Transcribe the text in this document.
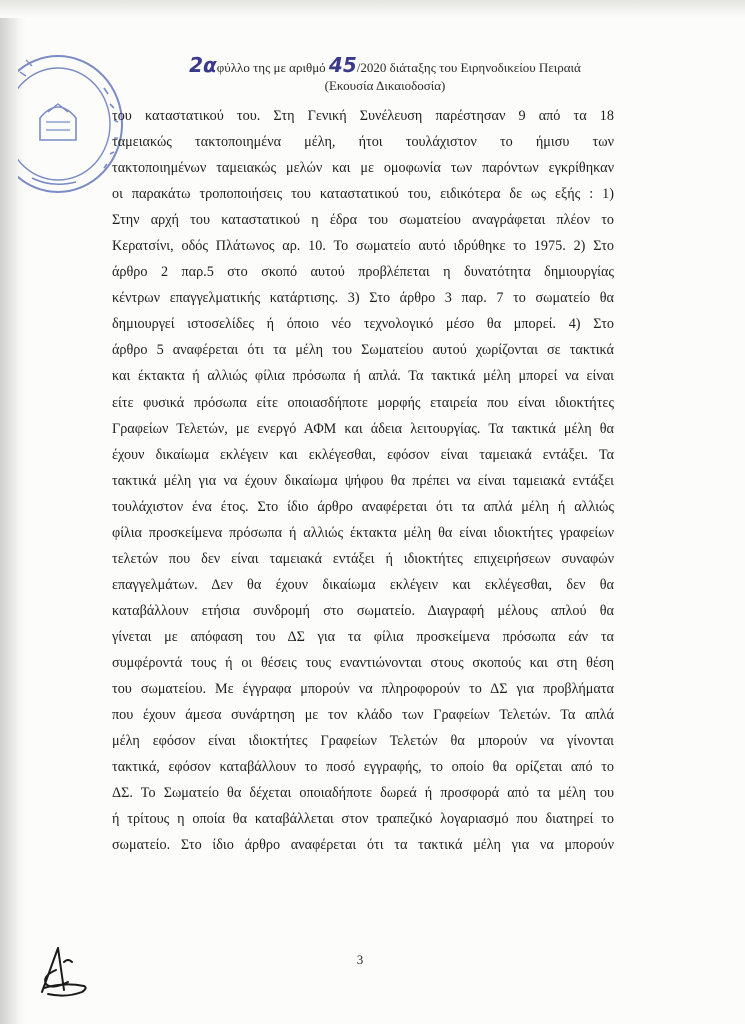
2αφύλλο της με αριθμό 45/2020 διάταξης του Ειρηνοδικείου Πειραιά
(Εκουσία Δικαιοδοσία)
του καταστατικού του. Στη Γενική Συνέλευση παρέστησαν 9 από τα 18
ταμειακώς τακτοποιημένα μέλη, ήτοι τουλάχιστον το ήμισυ των
τακτοποιημένων ταμειακώς μελών και με ομοφωνία των παρόντων εγκρίθηκαν
οι παρακάτω τροποποιήσεις του καταστατικού του, ειδικότερα δε ως εξής : 1)
Στην αρχή του καταστατικού η έδρα του σωματείου αναγράφεται πλέον το
Κερατσίνι, οδός Πλάτωνος αρ. 10. Το σωματείο αυτό ιδρύθηκε το 1975. 2) Στο
άρθρο 2 παρ.5 στο σκοπό αυτού προβλέπεται η δυνατότητα δημιουργίας
κέντρων επαγγελματικής κατάρτισης. 3) Στο άρθρο 3 παρ. 7 το σωματείο θα
δημιουργεί ιστοσελίδες ή όποιο νέο τεχνολογικό μέσο θα μπορεί. 4) Στο
άρθρο 5 αναφέρεται ότι τα μέλη του Σωματείου αυτού χωρίζονται σε τακτικά
και έκτακτα ή αλλιώς φίλια πρόσωπα ή απλά. Τα τακτικά μέλη μπορεί να είναι
είτε φυσικά πρόσωπα είτε οποιασδήποτε μορφής εταιρεία που είναι ιδιοκτήτες
Γραφείων Τελετών, με ενεργό ΑΦΜ και άδεια λειτουργίας. Τα τακτικά μέλη θα
έχουν δικαίωμα εκλέγειν και εκλέγεσθαι, εφόσον είναι ταμειακά εντάξει. Τα
τακτικά μέλη για να έχουν δικαίωμα ψήφου θα πρέπει να είναι ταμειακά εντάξει
τουλάχιστον ένα έτος. Στο ίδιο άρθρο αναφέρεται ότι τα απλά μέλη ή αλλιώς
φίλια προσκείμενα πρόσωπα ή αλλιώς έκτακτα μέλη θα είναι ιδιοκτήτες γραφείων
τελετών που δεν είναι ταμειακά εντάξει ή ιδιοκτήτες επιχειρήσεων συναφών
επαγγελμάτων. Δεν θα έχουν δικαίωμα εκλέγειν και εκλέγεσθαι, δεν θα
καταβάλλουν ετήσια συνδρομή στο σωματείο. Διαγραφή μέλους απλού θα
γίνεται με απόφαση του ΔΣ για τα φίλια προσκείμενα πρόσωπα εάν τα
συμφέροντά τους ή οι θέσεις τους εναντιώνονται στους σκοπούς και στη θέση
του σωματείου. Με έγγραφα μπορούν να πληροφορούν το ΔΣ για προβλήματα
που έχουν άμεσα συνάρτηση με τον κλάδο των Γραφείων Τελετών. Τα απλά
μέλη εφόσον είναι ιδιοκτήτες Γραφείων Τελετών θα μπορούν να γίνονται
τακτικά, εφόσον καταβάλλουν το ποσό εγγραφής, το οποίο θα ορίζεται από το
ΔΣ. Το Σωματείο θα δέχεται οποιαδήποτε δωρεά ή προσφορά από τα μέλη του
ή τρίτους η οποία θα καταβάλλεται στον τραπεζικό λογαριασμό που διατηρεί το
σωματείο. Στο ίδιο άρθρο αναφέρεται ότι τα τακτικά μέλη για να μπορούν
3
